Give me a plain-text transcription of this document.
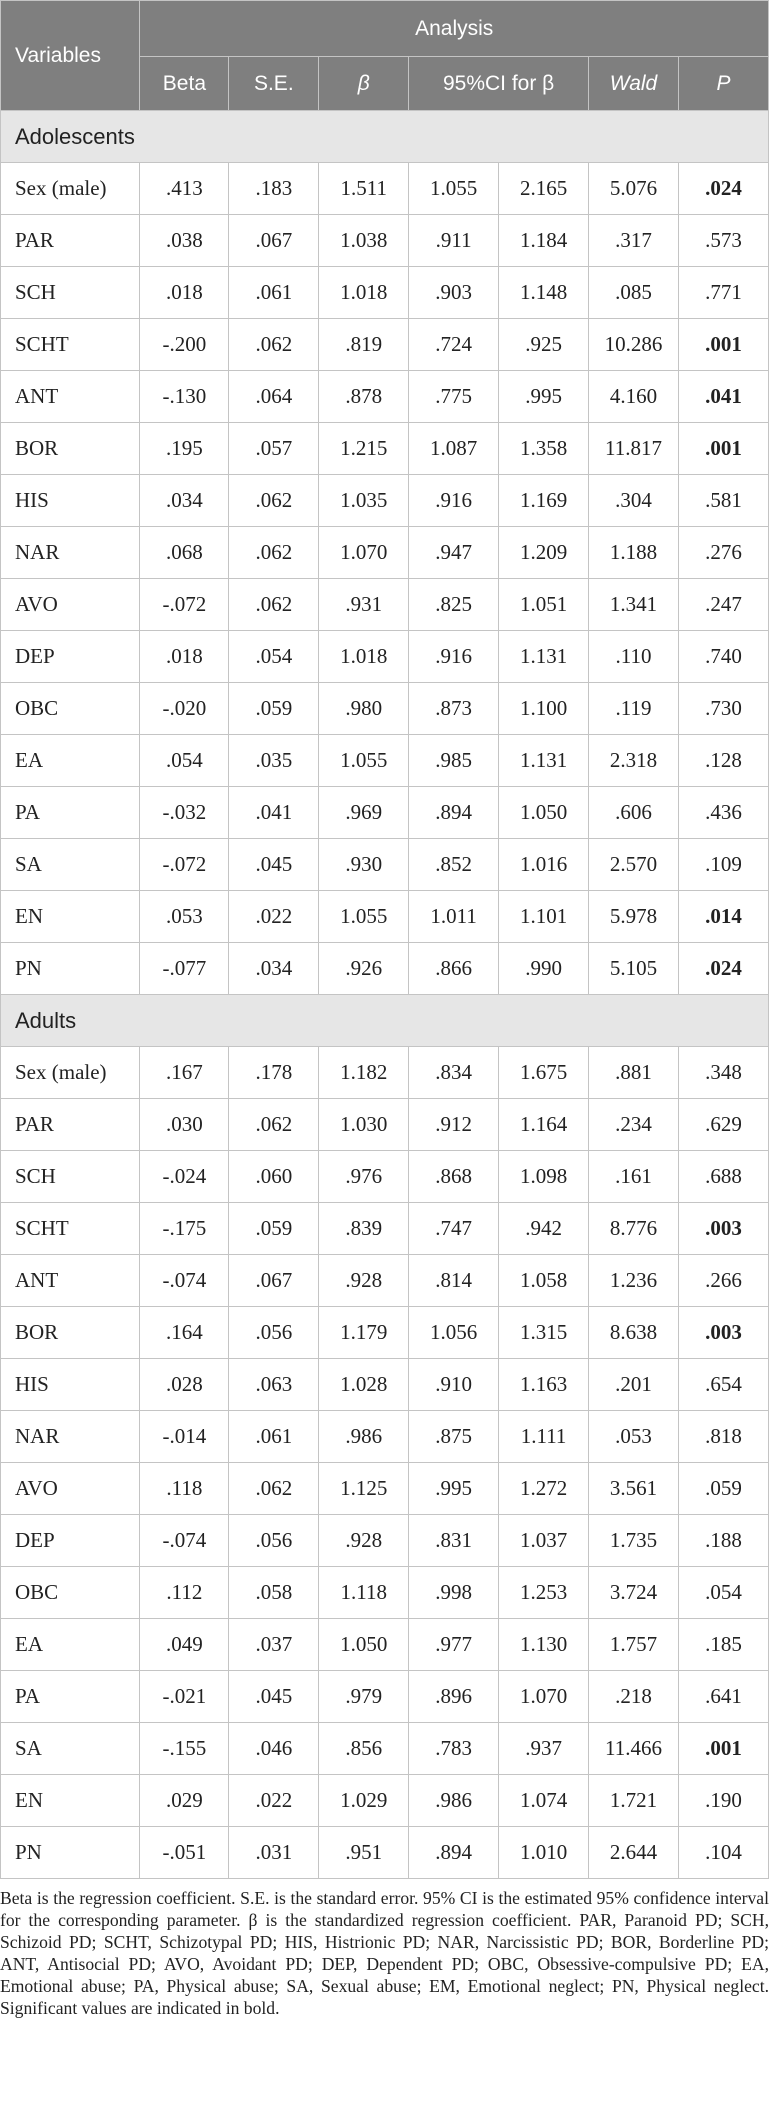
Variables	Analysis						
	Beta	S.E.	β	95%CI for β		Wald	P
Adolescents							
Sex (male)	.413	.183	1.511	1.055	2.165	5.076	.024
PAR	.038	.067	1.038	.911	1.184	.317	.573
SCH	.018	.061	1.018	.903	1.148	.085	.771
SCHT	-.200	.062	.819	.724	.925	10.286	.001
ANT	-.130	.064	.878	.775	.995	4.160	.041
BOR	.195	.057	1.215	1.087	1.358	11.817	.001
HIS	.034	.062	1.035	.916	1.169	.304	.581
NAR	.068	.062	1.070	.947	1.209	1.188	.276
AVO	-.072	.062	.931	.825	1.051	1.341	.247
DEP	.018	.054	1.018	.916	1.131	.110	.740
OBC	-.020	.059	.980	.873	1.100	.119	.730
EA	.054	.035	1.055	.985	1.131	2.318	.128
PA	-.032	.041	.969	.894	1.050	.606	.436
SA	-.072	.045	.930	.852	1.016	2.570	.109
EN	.053	.022	1.055	1.011	1.101	5.978	.014
PN	-.077	.034	.926	.866	.990	5.105	.024
Adults							
Sex (male)	.167	.178	1.182	.834	1.675	.881	.348
PAR	.030	.062	1.030	.912	1.164	.234	.629
SCH	-.024	.060	.976	.868	1.098	.161	.688
SCHT	-.175	.059	.839	.747	.942	8.776	.003
ANT	-.074	.067	.928	.814	1.058	1.236	.266
BOR	.164	.056	1.179	1.056	1.315	8.638	.003
HIS	.028	.063	1.028	.910	1.163	.201	.654
NAR	-.014	.061	.986	.875	1.111	.053	.818
AVO	.118	.062	1.125	.995	1.272	3.561	.059
DEP	-.074	.056	.928	.831	1.037	1.735	.188
OBC	.112	.058	1.118	.998	1.253	3.724	.054
EA	.049	.037	1.050	.977	1.130	1.757	.185
PA	-.021	.045	.979	.896	1.070	.218	.641
SA	-.155	.046	.856	.783	.937	11.466	.001
EN	.029	.022	1.029	.986	1.074	1.721	.190
PN	-.051	.031	.951	.894	1.010	2.644	.104
Beta is the regression coefficient. S.E. is the standard error. 95% CI is the estimated 95% confidence interval for the corresponding parameter. β is the standardized regression coefficient. PAR, Paranoid PD; SCH, Schizoid PD; SCHT, Schizotypal PD; HIS, Histrionic PD; NAR, Narcissistic PD; BOR, Borderline PD; ANT, Antisocial PD; AVO, Avoidant PD; DEP, Dependent PD; OBC, Obsessive-compulsive PD; EA, Emotional abuse; PA, Physical abuse; SA, Sexual abuse; EM, Emotional neglect; PN, Physical neglect. Significant values are indicated in bold.
